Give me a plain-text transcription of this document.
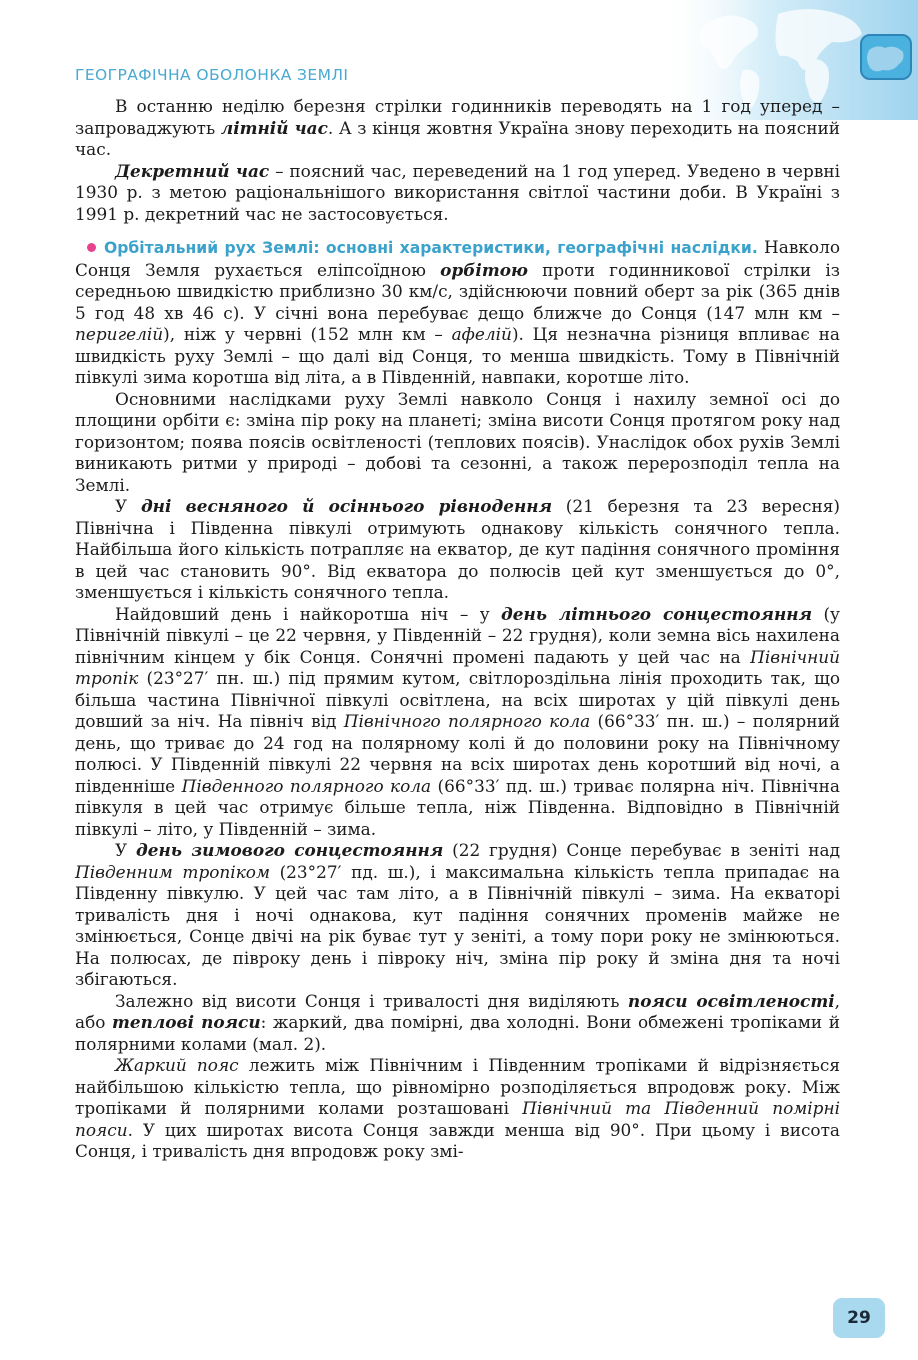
ГЕОГРАФІЧНА ОБОЛОНКА ЗЕМЛІ

В останню неділю березня стрілки годинників переводять на 1 год уперед – запроваджують літній час. А з кінця жовтня Україна знову переходить на поясний час.

Декретний час – поясний час, переведений на 1 год уперед. Уведено в червні 1930 р. з метою раціональнішого використання світлої частини доби. В Україні з 1991 р. декретний час не застосовується.

Орбітальний рух Землі: основні характеристики, географічні наслідки. Навколо Сонця Земля рухається еліпсоїдною орбітою проти годинникової стрілки із середньою швидкістю приблизно 30 км/с, здійснюючи повний оберт за рік (365 днів 5 год 48 хв 46 с). У січні вона перебуває дещо ближче до Сонця (147 млн км – перигелій), ніж у червні (152 млн км – афелій). Ця незначна різниця впливає на швидкість руху Землі – що далі від Сонця, то менша швидкість. Тому в Північній півкулі зима коротша від літа, а в Південній, навпаки, коротше літо.

Основними наслідками руху Землі навколо Сонця і нахилу земної осі до площини орбіти є: зміна пір року на планеті; зміна висоти Сонця протягом року над горизонтом; поява поясів освітленості (теплових поясів). Унаслідок обох рухів Землі виникають ритми у природі – добові та сезонні, а також перерозподіл тепла на Землі.

У дні весняного й осіннього рівнодення (21 березня та 23 вересня) Північна і Південна півкулі отримують однакову кількість сонячного тепла. Найбільша його кількість потрапляє на екватор, де кут падіння сонячного проміння в цей час становить 90°. Від екватора до полюсів цей кут зменшується до 0°, зменшується і кількість сонячного тепла.

Найдовший день і найкоротша ніч – у день літнього сонцестояння (у Північній півкулі – це 22 червня, у Південній – 22 грудня), коли земна вісь нахилена північним кінцем у бік Сонця. Сонячні промені падають у цей час на Північний тропік (23°27′ пн. ш.) під прямим кутом, світлороздільна лінія проходить так, що більша частина Північної півкулі освітлена, на всіх широтах у цій півкулі день довший за ніч. На північ від Північного полярного кола (66°33′ пн. ш.) – полярний день, що триває до 24 год на полярному колі й до половини року на Північному полюсі. У Південній півкулі 22 червня на всіх широтах день коротший від ночі, а південніше Південного полярного кола (66°33′ пд. ш.) триває полярна ніч. Північна півкуля в цей час отримує більше тепла, ніж Південна. Відповідно в Північній півкулі – літо, у Південній – зима.

У день зимового сонцестояння (22 грудня) Сонце перебуває в зеніті над Південним тропіком (23°27′ пд. ш.), і максимальна кількість тепла припадає на Південну півкулю. У цей час там літо, а в Північній півкулі – зима. На екваторі тривалість дня і ночі однакова, кут падіння сонячних променів майже не змінюється, Сонце двічі на рік буває тут у зеніті, а тому пори року не змінюються. На полюсах, де півроку день і півроку ніч, зміна пір року й зміна дня та ночі збігаються.

Залежно від висоти Сонця і тривалості дня виділяють пояси освітленості, або теплові пояси: жаркий, два помірні, два холодні. Вони обмежені тропіками й полярними колами (мал. 2).

Жаркий пояс лежить між Північним і Південним тропіками й відрізняється найбільшою кількістю тепла, що рівномірно розподіляється впродовж року. Між тропіками й полярними колами розташовані Північний та Південний помірні пояси. У цих широтах висота Сонця завжди менша від 90°. При цьому і висота Сонця, і тривалість дня впродовж року змі-

29
